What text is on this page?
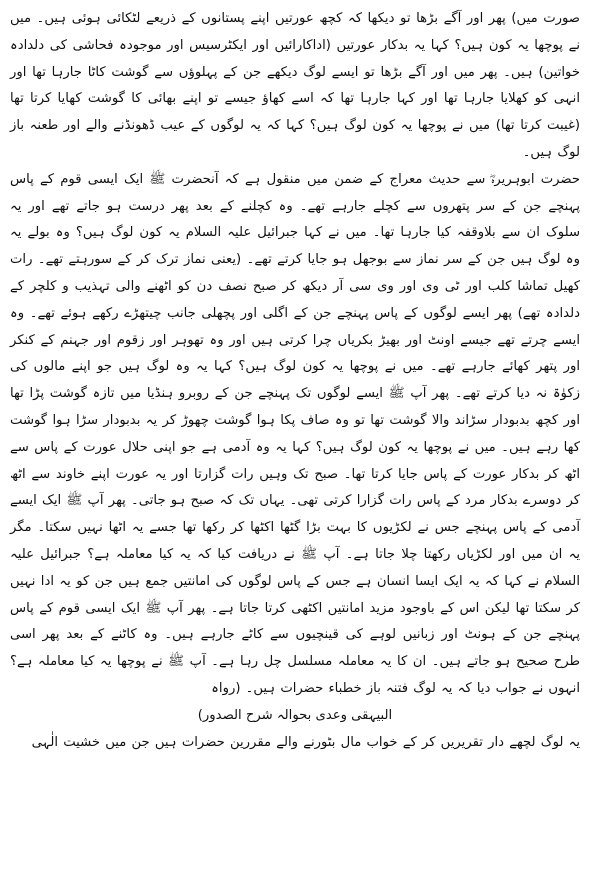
صورت میں) پھر اور آگے بڑھا تو دیکھا کہ کچھ عورتیں اپنے پستانوں کے ذریعے لٹکائی ہوئی ہیں۔ میں نے پوچھا یہ کون ہیں؟ کہا یہ بدکار عورتیں (اداکارائیں اور ایکٹرسیس اور موجودہ فحاشی کی دلدادہ خواتین) ہیں۔ پھر میں اور آگے بڑھا تو ایسے لوگ دیکھے جن کے پہلوؤں سے گوشت کاٹا جارہا تھا اور انہی کو کھلایا جارہا تھا اور کہا جارہا تھا کہ اسے کھاؤ جیسے تو اپنے بھائی کا گوشت کھایا کرتا تھا (غیبت کرتا تھا) میں نے پوچھا یہ کون لوگ ہیں؟ کہا کہ یہ لوگوں کے عیب ڈھونڈنے والے اور طعنہ باز لوگ ہیں۔

حضرت ابوہریرہؓ سے حدیث معراج کے ضمن میں منقول ہے کہ آنحضرت ﷺ ایک ایسی قوم کے پاس پہنچے جن کے سر پتھروں سے کچلے جارہے تھے۔ وہ کچلنے کے بعد پھر درست ہو جاتے تھے اور یہ سلوک ان سے بلاوقفہ کیا جارہا تھا۔ میں نے کہا جبرائیل علیہ السلام یہ کون لوگ ہیں؟ وہ بولے یہ وہ لوگ ہیں جن کے سر نماز سے بوجھل ہو جایا کرتے تھے۔ (یعنی نماز ترک کر کے سورہتے تھے۔ رات کھیل تماشا کلب اور ٹی وی اور وی سی آر دیکھ کر صبح نصف دن کو اٹھنے والی تہذیب و کلچر کے دلدادہ تھے) پھر ایسے لوگوں کے پاس پہنچے جن کے اگلی اور پچھلی جانب چیتھڑے رکھے ہوئے تھے۔ وہ ایسے چرتے تھے جیسے اونٹ اور بھیڑ بکریاں چرا کرتی ہیں اور وہ تھوہر اور زقوم اور جہنم کے کنکر اور پتھر کھائے جارہے تھے۔ میں نے پوچھا یہ کون لوگ ہیں؟ کہا یہ وہ لوگ ہیں جو اپنے مالوں کی زکوٰۃ نہ دیا کرتے تھے۔ پھر آپ ﷺ ایسے لوگوں تک پہنچے جن کے روبرو ہنڈیا میں تازہ گوشت پڑا تھا اور کچھ بدبودار سڑاند والا گوشت تھا تو وہ صاف پکا ہوا گوشت چھوڑ کر یہ بدبودار سڑا ہوا گوشت کھا رہے ہیں۔ میں نے پوچھا یہ کون لوگ ہیں؟ کہا یہ وہ آدمی ہے جو اپنی حلال عورت کے پاس سے اٹھ کر بدکار عورت کے پاس جایا کرتا تھا۔ صبح تک وہیں رات گزارتا اور یہ عورت اپنے خاوند سے اٹھ کر دوسرے بدکار مرد کے پاس رات گزارا کرتی تھی۔ یہاں تک کہ صبح ہو جاتی۔ پھر آپ ﷺ ایک ایسے آدمی کے پاس پہنچے جس نے لکڑیوں کا بہت بڑا گٹھا اکٹھا کر رکھا تھا جسے یہ اٹھا نہیں سکتا۔ مگر یہ ان میں اور لکڑیاں رکھتا چلا جاتا ہے۔ آپ ﷺ نے دریافت کیا کہ یہ کیا معاملہ ہے؟ جبرائیل علیہ السلام نے کہا کہ یہ ایک ایسا انسان ہے جس کے پاس لوگوں کی امانتیں جمع ہیں جن کو یہ ادا نہیں کر سکتا تھا لیکن اس کے باوجود مزید امانتیں اکٹھی کرتا جاتا ہے۔ پھر آپ ﷺ ایک ایسی قوم کے پاس پہنچے جن کے ہونٹ اور زبانیں لوہے کی قینچیوں سے کاٹے جارہے ہیں۔ وہ کاٹنے کے بعد پھر اسی طرح صحیح ہو جاتے ہیں۔ ان کا یہ معاملہ مسلسل چل رہا ہے۔ آپ ﷺ نے پوچھا یہ کیا معاملہ ہے؟ انہوں نے جواب دیا کہ یہ لوگ فتنہ باز خطباء حضرات ہیں۔ (رواہ

البیہقی وعدی بحوالہ شرح الصدور)

یہ لوگ لچھے دار تقریریں کر کے خواب مال بٹورنے والے مقررین حضرات ہیں جن میں خشیت الٰہی
